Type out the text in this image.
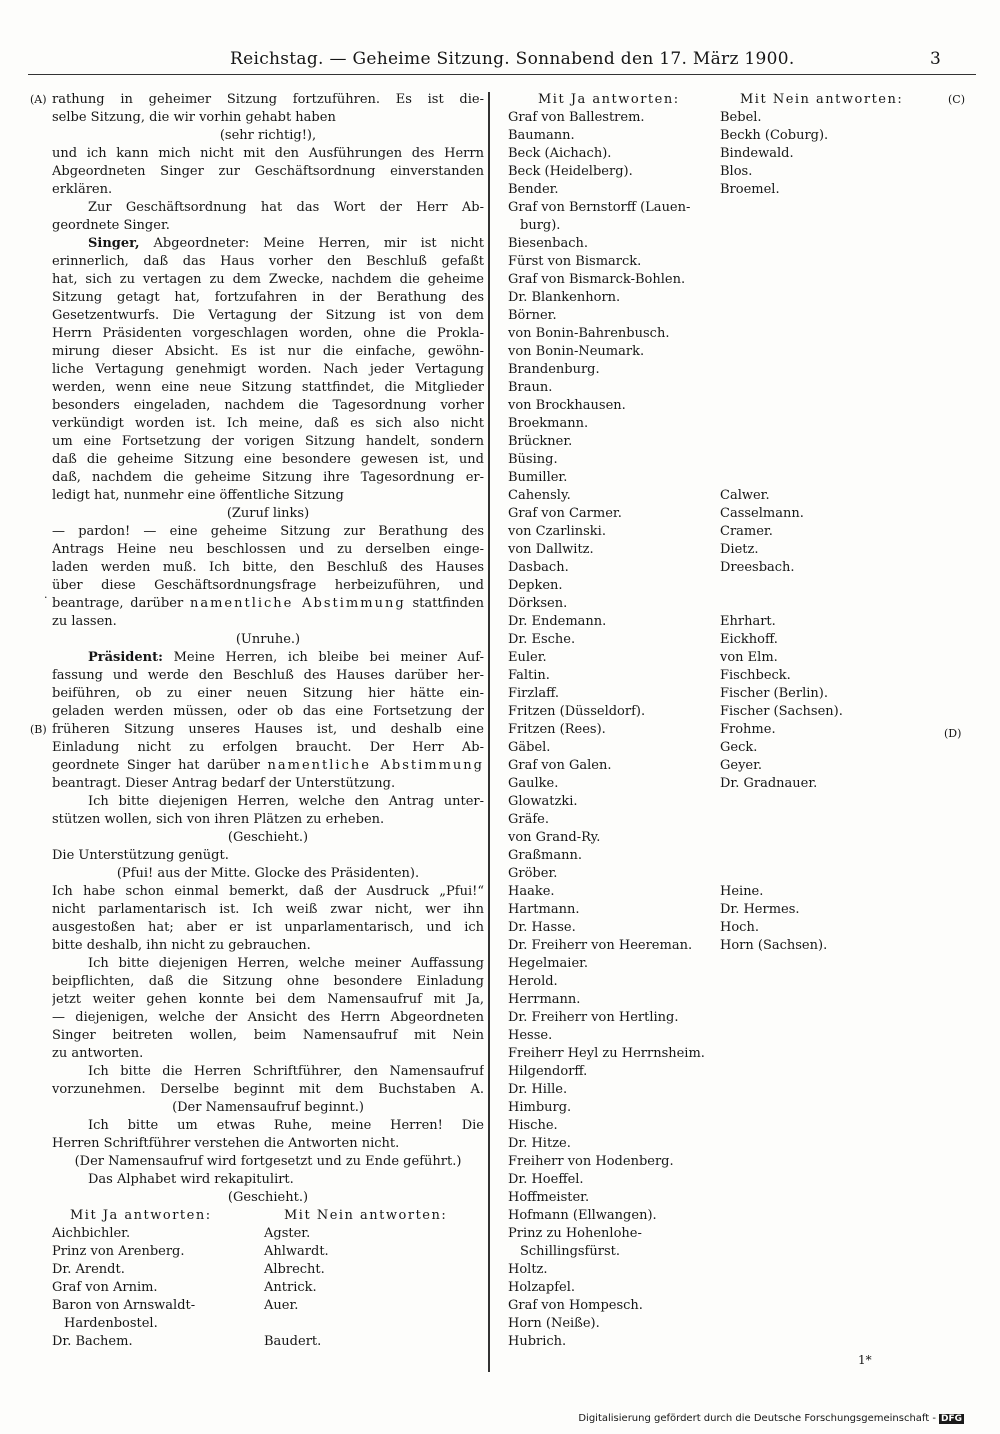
Reichstag. — Geheime Sitzung. Sonnabend den 17. März 1900.	3
(A)
(B)
(C)
(D)
.
rathung in geheimer Sitzung fortzuführen. Es ist die-
selbe Sitzung, die wir vorhin gehabt haben
(sehr richtig!),
und ich kann mich nicht mit den Ausführungen des Herrn
Abgeordneten Singer zur Geschäftsordnung einverstanden
erklären.
Zur Geschäftsordnung hat das Wort der Herr Ab-
geordnete Singer.
Singer, Abgeordneter: Meine Herren, mir ist nicht
erinnerlich, daß das Haus vorher den Beschluß gefaßt
hat, sich zu vertagen zu dem Zwecke, nachdem die geheime
Sitzung getagt hat, fortzufahren in der Berathung des
Gesetzentwurfs. Die Vertagung der Sitzung ist von dem
Herrn Präsidenten vorgeschlagen worden, ohne die Prokla-
mirung dieser Absicht. Es ist nur die einfache, gewöhn-
liche Vertagung genehmigt worden. Nach jeder Vertagung
werden, wenn eine neue Sitzung stattfindet, die Mitglieder
besonders eingeladen, nachdem die Tagesordnung vorher
verkündigt worden ist. Ich meine, daß es sich also nicht
um eine Fortsetzung der vorigen Sitzung handelt, sondern
daß die geheime Sitzung eine besondere gewesen ist, und
daß, nachdem die geheime Sitzung ihre Tagesordnung er-
ledigt hat, nunmehr eine öffentliche Sitzung
(Zuruf links)
— pardon! — eine geheime Sitzung zur Berathung des
Antrags Heine neu beschlossen und zu derselben einge-
laden werden muß. Ich bitte, den Beschluß des Hauses
über diese Geschäftsordnungsfrage herbeizuführen, und
beantrage, darüber namentliche Abstimmung stattfinden
zu lassen.
(Unruhe.)
Präsident: Meine Herren, ich bleibe bei meiner Auf-
fassung und werde den Beschluß des Hauses darüber her-
beiführen, ob zu einer neuen Sitzung hier hätte ein-
geladen werden müssen, oder ob das eine Fortsetzung der
früheren Sitzung unseres Hauses ist, und deshalb eine
Einladung nicht zu erfolgen braucht. Der Herr Ab-
geordnete Singer hat darüber namentliche Abstimmung
beantragt. Dieser Antrag bedarf der Unterstützung.
Ich bitte diejenigen Herren, welche den Antrag unter-
stützen wollen, sich von ihren Plätzen zu erheben.
(Geschieht.)
Die Unterstützung genügt.
(Pfui! aus der Mitte. Glocke des Präsidenten).
Ich habe schon einmal bemerkt, daß der Ausdruck „Pfui!“
nicht parlamentarisch ist. Ich weiß zwar nicht, wer ihn
ausgestoßen hat; aber er ist unparlamentarisch, und ich
bitte deshalb, ihn nicht zu gebrauchen.
Ich bitte diejenigen Herren, welche meiner Auffassung
beipflichten, daß die Sitzung ohne besondere Einladung
jetzt weiter gehen konnte bei dem Namensaufruf mit Ja,
— diejenigen, welche der Ansicht des Herrn Abgeordneten
Singer beitreten wollen, beim Namensaufruf mit Nein
zu antworten.
Ich bitte die Herren Schriftführer, den Namensaufruf
vorzunehmen. Derselbe beginnt mit dem Buchstaben A.
(Der Namensaufruf beginnt.)
Ich bitte um etwas Ruhe, meine Herren! Die
Herren Schriftführer verstehen die Antworten nicht.
(Der Namensaufruf wird fortgesetzt und zu Ende geführt.)
Das Alphabet wird rekapitulirt.
(Geschieht.)
Mit Ja antworten:	Mit Nein antworten:
Aichbichler.	Agster.
Prinz von Arenberg.	Ahlwardt.
Dr. Arendt.	Albrecht.
Graf von Arnim.	Antrick.
Baron von Arnswaldt-	Auer.
Hardenbostel.
Dr. Bachem.	Baudert.
Mit Ja antworten:	Mit Nein antworten:
Graf von Ballestrem.	Bebel.
Baumann.	Beckh (Coburg).
Beck (Aichach).	Bindewald.
Beck (Heidelberg).	Blos.
Bender.	Broemel.
Graf von Bernstorff (Lauen-
burg).
Biesenbach.
Fürst von Bismarck.
Graf von Bismarck-Bohlen.
Dr. Blankenhorn.
Börner.
von Bonin-Bahrenbusch.
von Bonin-Neumark.
Brandenburg.
Braun.
von Brockhausen.
Broekmann.
Brückner.
Büsing.
Bumiller.
Cahensly.	Calwer.
Graf von Carmer.	Casselmann.
von Czarlinski.	Cramer.
von Dallwitz.	Dietz.
Dasbach.	Dreesbach.
Depken.
Dörksen.
Dr. Endemann.	Ehrhart.
Dr. Esche.	Eickhoff.
Euler.	von Elm.
Faltin.	Fischbeck.
Firzlaff.	Fischer (Berlin).
Fritzen (Düsseldorf).	Fischer (Sachsen).
Fritzen (Rees).	Frohme.
Gäbel.	Geck.
Graf von Galen.	Geyer.
Gaulke.	Dr. Gradnauer.
Glowatzki.
Gräfe.
von Grand-Ry.
Graßmann.
Gröber.
Haake.	Heine.
Hartmann.	Dr. Hermes.
Dr. Hasse.	Hoch.
Dr. Freiherr von Heereman. Horn (Sachsen).
Hegelmaier.
Herold.
Herrmann.
Dr. Freiherr von Hertling.
Hesse.
Freiherr Heyl zu Herrnsheim.
Hilgendorff.
Dr. Hille.
Himburg.
Hische.
Dr. Hitze.
Freiherr von Hodenberg.
Dr. Hoeffel.
Hoffmeister.
Hofmann (Ellwangen).
Prinz zu Hohenlohe-
Schillingsfürst.
Holtz.
Holzapfel.
Graf von Hompesch.
Horn (Neiße).
Hubrich.
1*
Digitalisierung gefördert durch die Deutsche Forschungsgemeinschaft - DFG
